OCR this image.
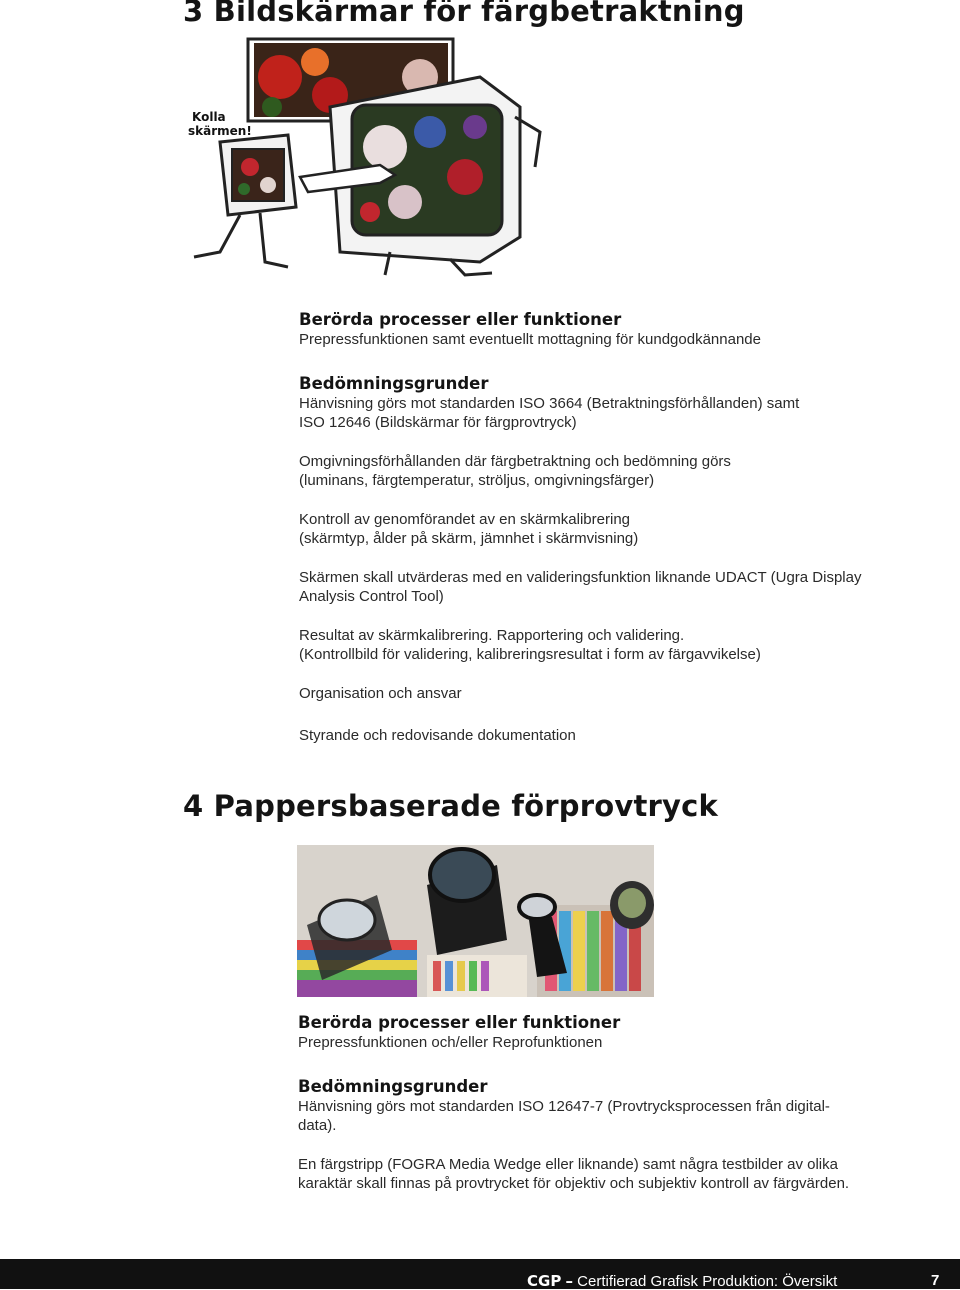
3 Bildskärmar för färgbetraktning
Kolla
skärmen!
Berörda processer eller funktioner

Prepressfunktionen samt eventuellt mottagning för kundgodkännande

Bedömningsgrunder

Hänvisning görs mot standarden ISO 3664 (Betraktningsförhållanden) samt

ISO 12646 (Bildskärmar för färgprovtryck)

Omgivningsförhållanden där färgbetraktning och bedömning görs

(luminans, färgtemperatur, ströljus, omgivningsfärger)

Kontroll av genomförandet av en skärmkalibrering

(skärmtyp, ålder på skärm, jämnhet i skärmvisning)

Skärmen skall utvärderas med en valideringsfunktion liknande UDACT (Ugra Display

Analysis Control Tool)

Resultat av skärmkalibrering. Rapportering och validering.

(Kontrollbild för validering, kalibreringsresultat i form av färgavvikelse)

Organisation och ansvar

Styrande och redovisande dokumentation

4 Pappersbaserade förprovtryck
Berörda processer eller funktioner

Prepressfunktionen och/eller Reprofunktionen

Bedömningsgrunder

Hänvisning görs mot standarden ISO 12647-7 (Provtrycksprocessen från digital-

data).

En färgstripp (FOGRA Media Wedge eller liknande) samt några testbilder av olika

karaktär skall finnas på provtrycket för objektiv och subjektiv kontroll av färgvärden.

CGP – Certifierad Grafisk Produktion: Översikt	7
